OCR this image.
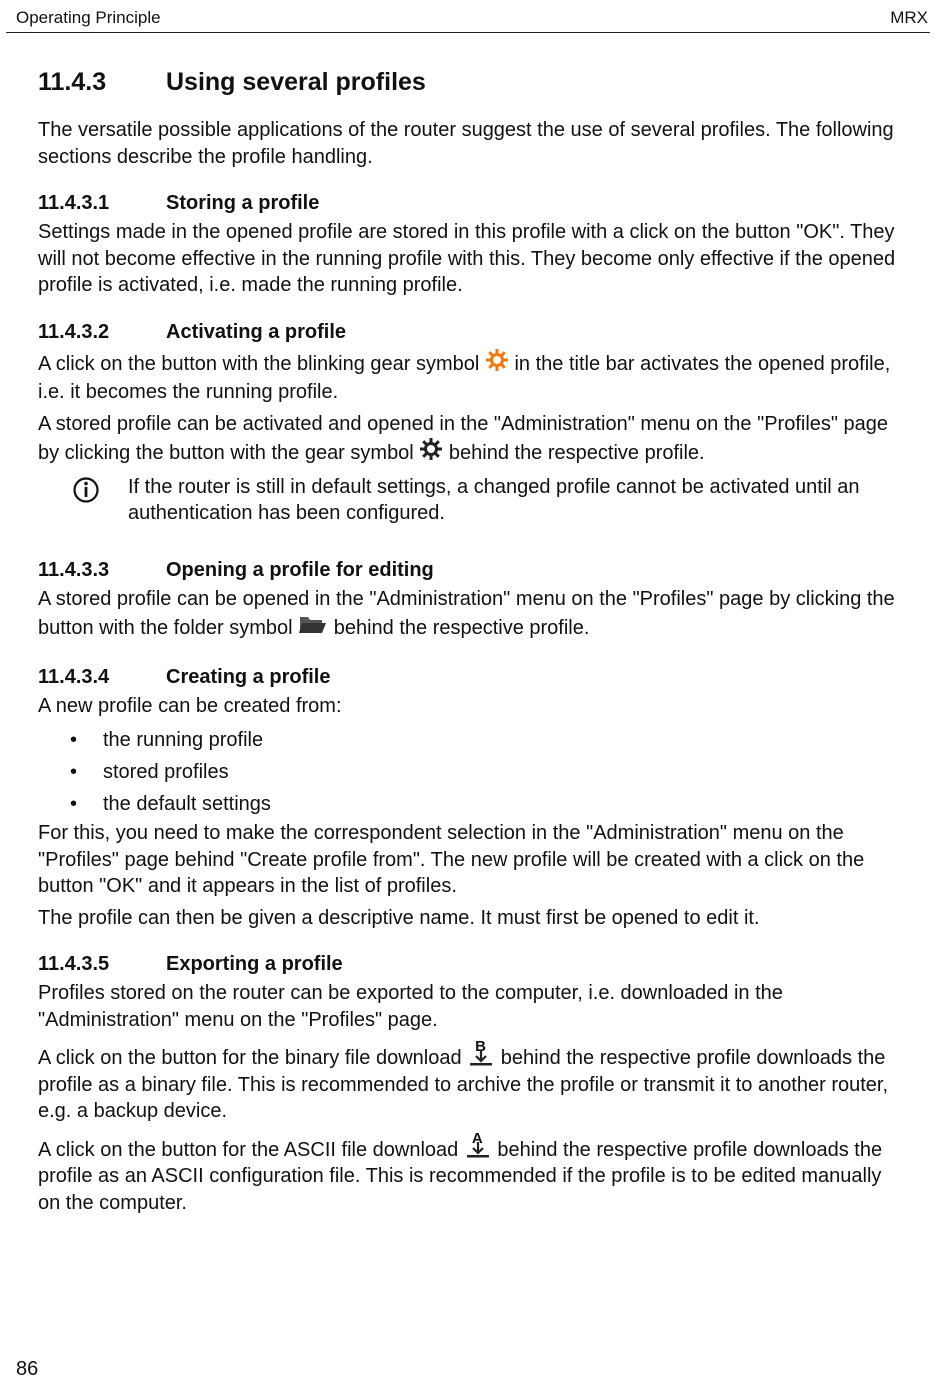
Operating Principle	MRX
11.4.3	Using several profiles

The versatile possible applications of the router suggest the use of several profiles. The following sections describe the profile handling.

11.4.3.1	Storing a profile

Settings made in the opened profile are stored in this profile with a click on the button "OK". They will not become effective in the running profile with this. They become only effective if the opened profile is activated, i.e. made the running profile.

11.4.3.2	Activating a profile

A click on the button with the blinking gear symbol in the title bar activates the opened profile, i.e. it becomes the running profile.

A stored profile can be activated and opened in the "Administration" menu on the "Profiles" page by clicking the button with the gear symbol behind the respective profile.

If the router is still in default settings, a changed profile cannot be activated until an authentication has been configured.

11.4.3.3	Opening a profile for editing

A stored profile can be opened in the "Administration" menu on the "Profiles" page by clicking the button with the folder symbol behind the respective profile.

11.4.3.4	Creating a profile

A new profile can be created from:

•	the running profile
•	stored profiles
•	the default settings

For this, you need to make the correspondent selection in the "Administration" menu on the "Profiles" page behind "Create profile from". The new profile will be created with a click on the button "OK" and it appears in the list of profiles.

The profile can then be given a descriptive name. It must first be opened to edit it.

11.4.3.5	Exporting a profile

Profiles stored on the router can be exported to the computer, i.e. downloaded in the "Administration" menu on the "Profiles" page.

A click on the button for the binary file download
B
behind the respective profile downloads the profile as a binary file. This is recommended to archive the profile or transmit it to another router, e.g. a backup device.

A click on the button for the ASCII file download
A
behind the respective profile downloads the profile as an ASCII configuration file. This is recommended if the profile is to be edited manually on the computer.

86
